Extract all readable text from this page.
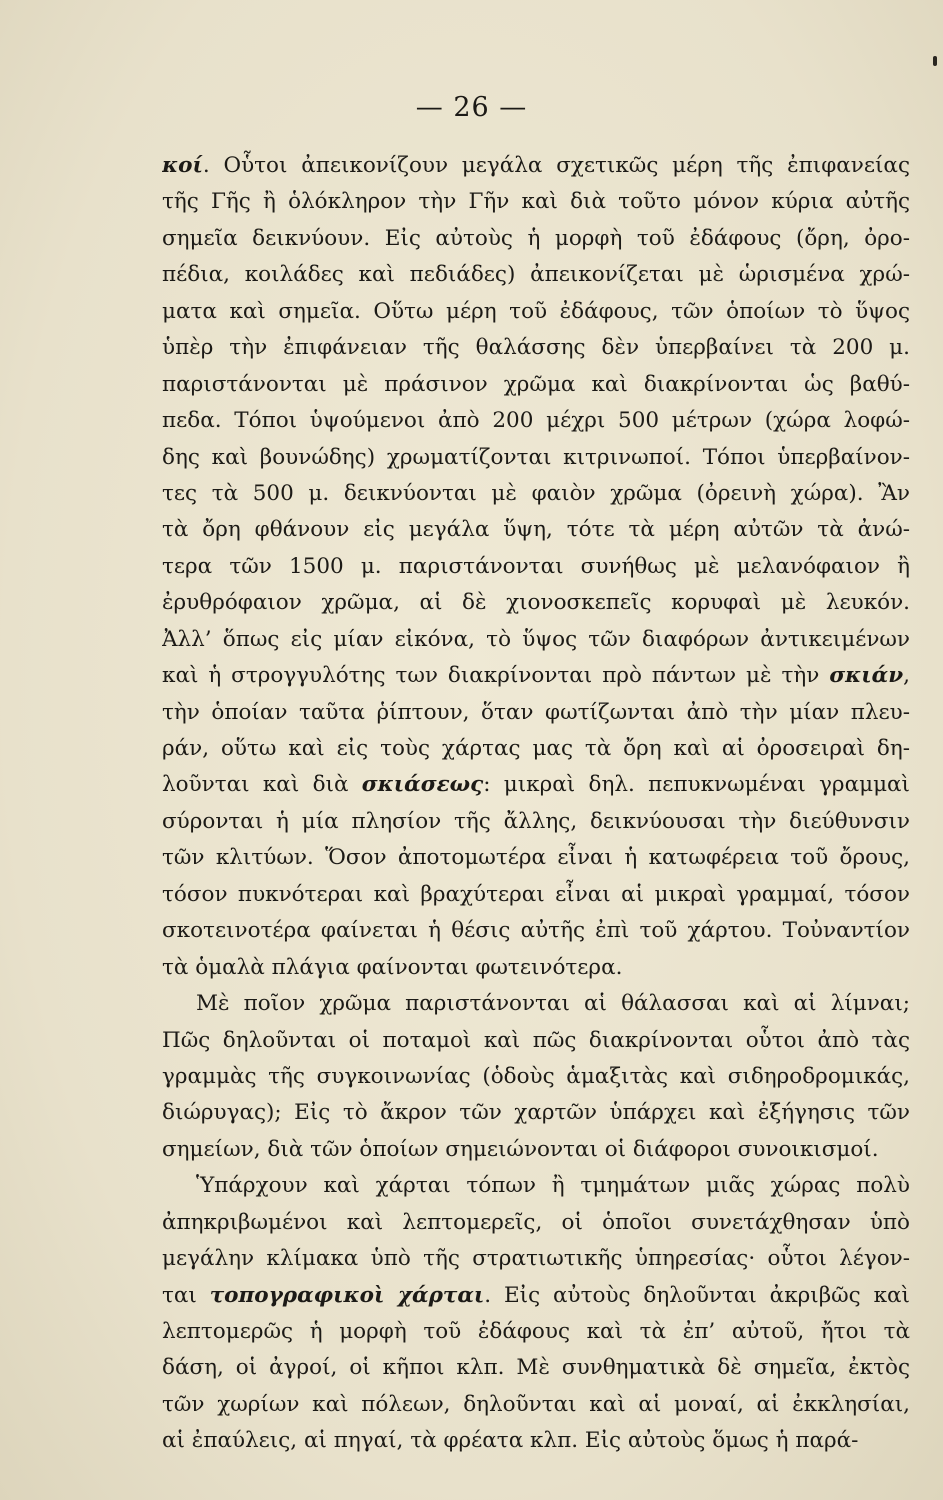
— 26 —
κοί. Οὗτοι ἀπεικονίζουν μεγάλα σχετικῶς μέρη τῆς ἐπιφανείας
τῆς Γῆς ἢ ὁλόκληρον τὴν Γῆν καὶ διὰ τοῦτο μόνον κύρια αὐτῆς
σημεῖα δεικνύουν. Εἰς αὐτοὺς ἡ μορφὴ τοῦ ἐδάφους (ὄρη, ὀρο-
πέδια, κοιλάδες καὶ πεδιάδες) ἀπεικονίζεται μὲ ὡρισμένα χρώ-
ματα καὶ σημεῖα. Οὕτω μέρη τοῦ ἐδάφους, τῶν ὁποίων τὸ ὕψος
ὑπὲρ τὴν ἐπιφάνειαν τῆς θαλάσσης δὲν ὑπερβαίνει τὰ 200 μ.
παριστάνονται μὲ πράσινον χρῶμα καὶ διακρίνονται ὡς βαθύ-
πεδα. Τόποι ὑψούμενοι ἀπὸ 200 μέχρι 500 μέτρων (χώρα λοφώ-
δης καὶ βουνώδης) χρωματίζονται κιτρινωποί. Τόποι ὑπερβαίνον-
τες τὰ 500 μ. δεικνύονται μὲ φαιὸν χρῶμα (ὀρεινὴ χώρα). Ἂν
τὰ ὄρη φθάνουν εἰς μεγάλα ὕψη, τότε τὰ μέρη αὐτῶν τὰ ἀνώ-
τερα τῶν 1500 μ. παριστάνονται συνήθως μὲ μελανόφαιον ἢ
ἐρυθρόφαιον χρῶμα, αἱ δὲ χιονοσκεπεῖς κορυφαὶ μὲ λευκόν.
Ἀλλ’ ὅπως εἰς μίαν εἰκόνα, τὸ ὕψος τῶν διαφόρων ἀντικειμένων
καὶ ἡ στρογγυλότης των διακρίνονται πρὸ πάντων μὲ τὴν σκιάν,
τὴν ὁποίαν ταῦτα ῥίπτουν, ὅταν φωτίζωνται ἀπὸ τὴν μίαν πλευ-
ράν, οὕτω καὶ εἰς τοὺς χάρτας μας τὰ ὄρη καὶ αἱ ὀροσειραὶ δη-
λοῦνται καὶ διὰ σκιάσεως: μικραὶ δηλ. πεπυκνωμέναι γραμμαὶ
σύρονται ἡ μία πλησίον τῆς ἄλλης, δεικνύουσαι τὴν διεύθυνσιν
τῶν κλιτύων. Ὅσον ἀποτομωτέρα εἶναι ἡ κατωφέρεια τοῦ ὄρους,
τόσον πυκνότεραι καὶ βραχύτεραι εἶναι αἱ μικραὶ γραμμαί, τόσον
σκοτεινοτέρα φαίνεται ἡ θέσις αὐτῆς ἐπὶ τοῦ χάρτου. Τοὐναντίον
τὰ ὁμαλὰ πλάγια φαίνονται φωτεινότερα.
Μὲ ποῖον χρῶμα παριστάνονται αἱ θάλασσαι καὶ αἱ λίμναι;
Πῶς δηλοῦνται οἱ ποταμοὶ καὶ πῶς διακρίνονται οὗτοι ἀπὸ τὰς
γραμμὰς τῆς συγκοινωνίας (ὁδοὺς ἁμαξιτὰς καὶ σιδηροδρομικάς,
διώρυγας); Εἰς τὸ ἄκρον τῶν χαρτῶν ὑπάρχει καὶ ἐξήγησις τῶν
σημείων, διὰ τῶν ὁποίων σημειώνονται οἱ διάφοροι συνοικισμοί.
Ὑπάρχουν καὶ χάρται τόπων ἢ τμημάτων μιᾶς χώρας πολὺ
ἀπηκριβωμένοι καὶ λεπτομερεῖς, οἱ ὁποῖοι συνετάχθησαν ὑπὸ
μεγάλην κλίμακα ὑπὸ τῆς στρατιωτικῆς ὑπηρεσίας· οὗτοι λέγον-
ται τοπογραφικοὶ χάρται. Εἰς αὐτοὺς δηλοῦνται ἀκριβῶς καὶ
λεπτομερῶς ἡ μορφὴ τοῦ ἐδάφους καὶ τὰ ἐπ’ αὐτοῦ, ἤτοι τὰ
δάση, οἱ ἀγροί, οἱ κῆποι κλπ. Μὲ συνθηματικὰ δὲ σημεῖα, ἐκτὸς
τῶν χωρίων καὶ πόλεων, δηλοῦνται καὶ αἱ μοναί, αἱ ἐκκλησίαι,
αἱ ἐπαύλεις, αἱ πηγαί, τὰ φρέατα κλπ. Εἰς αὐτοὺς ὅμως ἡ παρά-
